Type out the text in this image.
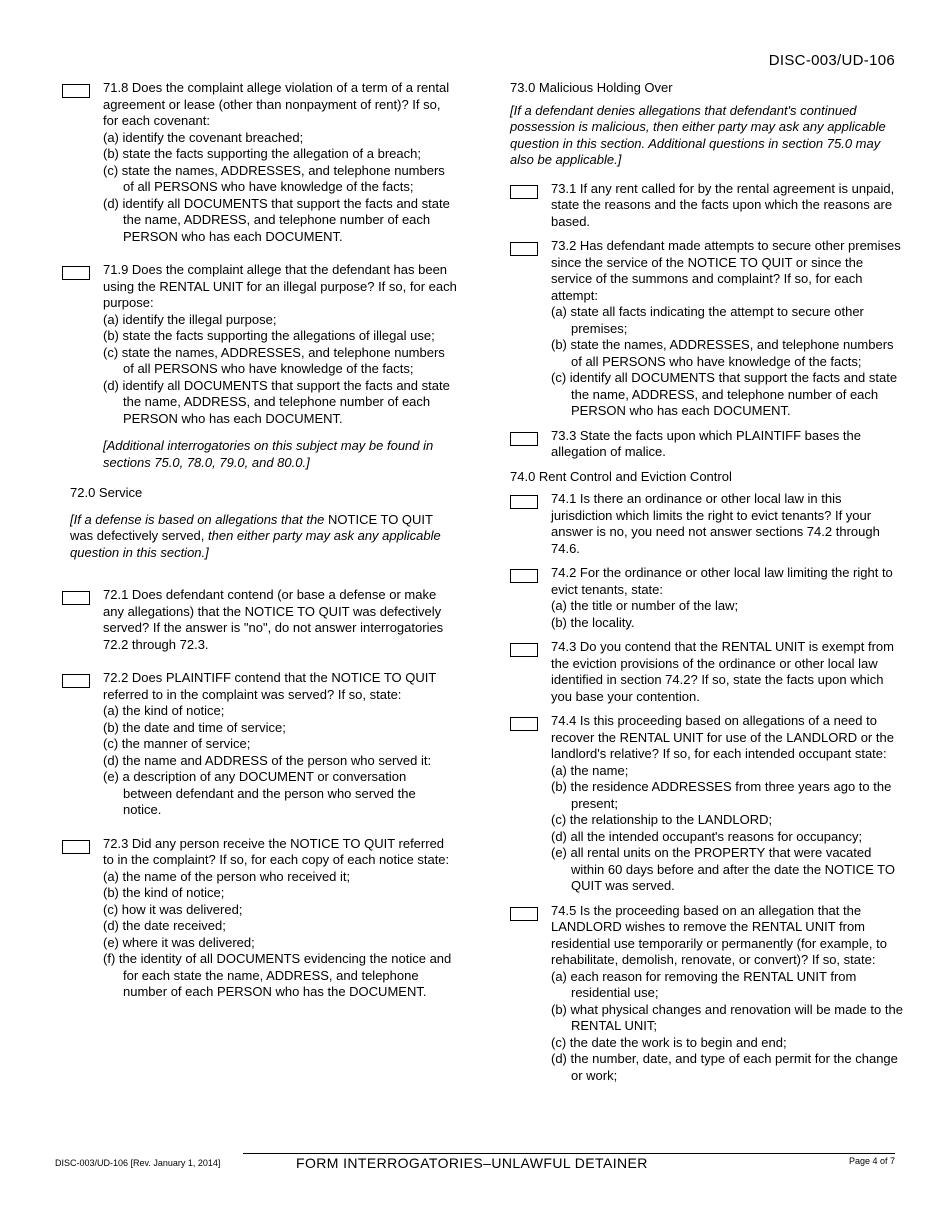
DISC-003/UD-106
71.8 Does the complaint allege violation of a term of a rental agreement or lease (other than nonpayment of rent)? If so, for each covenant:
(a) identify the covenant breached;
(b) state the facts supporting the allegation of a breach;
(c) state the names, ADDRESSES, and telephone numbers of all PERSONS who have knowledge of the facts;
(d) identify all DOCUMENTS that support the facts and state the name, ADDRESS, and telephone number of each PERSON who has each DOCUMENT.
71.9 Does the complaint allege that the defendant has been using the RENTAL UNIT for an illegal purpose? If so, for each purpose:
(a) identify the illegal purpose;
(b) state the facts supporting the allegations of illegal use;
(c) state the names, ADDRESSES, and telephone numbers of all PERSONS who have knowledge of the facts;
(d) identify all DOCUMENTS that support the facts and state the name, ADDRESS, and telephone number of each PERSON who has each DOCUMENT.
[Additional interrogatories on this subject may be found in sections 75.0, 78.0, 79.0, and 80.0.]
72.0 Service
[If a defense is based on allegations that the NOTICE TO QUIT was defectively served, then either party may ask any applicable question in this section.]
72.1 Does defendant contend (or base a defense or make any allegations) that the NOTICE TO QUIT was defectively served? If the answer is "no", do not answer interrogatories 72.2 through 72.3.
72.2 Does PLAINTIFF contend that the NOTICE TO QUIT referred to in the complaint was served? If so, state:
(a) the kind of notice;
(b) the date and time of service;
(c) the manner of service;
(d) the name and ADDRESS of the person who served it:
(e) a description of any DOCUMENT or conversation between defendant and the person who served the notice.
72.3 Did any person receive the NOTICE TO QUIT referred to in the complaint? If so, for each copy of each notice state:
(a) the name of the person who received it;
(b) the kind of notice;
(c) how it was delivered;
(d) the date received;
(e) where it was delivered;
(f) the identity of all DOCUMENTS evidencing the notice and for each state the name, ADDRESS, and telephone number of each PERSON who has the DOCUMENT.
73.0 Malicious Holding Over
[If a defendant denies allegations that defendant's continued possession is malicious, then either party may ask any applicable question in this section. Additional questions in section 75.0 may also be applicable.]
73.1 If any rent called for by the rental agreement is unpaid, state the reasons and the facts upon which the reasons are based.
73.2 Has defendant made attempts to secure other premises since the service of the NOTICE TO QUIT or since the service of the summons and complaint? If so, for each attempt:
(a) state all facts indicating the attempt to secure other premises;
(b) state the names, ADDRESSES, and telephone numbers of all PERSONS who have knowledge of the facts;
(c) identify all DOCUMENTS that support the facts and state the name, ADDRESS, and telephone number of each PERSON who has each DOCUMENT.
73.3 State the facts upon which PLAINTIFF bases the allegation of malice.
74.0 Rent Control and Eviction Control
74.1 Is there an ordinance or other local law in this jurisdiction which limits the right to evict tenants? If your answer is no, you need not answer sections 74.2 through 74.6.
74.2 For the ordinance or other local law limiting the right to evict tenants, state:
(a) the title or number of the law;
(b) the locality.
74.3 Do you contend that the RENTAL UNIT is exempt from the eviction provisions of the ordinance or other local law identified in section 74.2? If so, state the facts upon which you base your contention.
74.4 Is this proceeding based on allegations of a need to recover the RENTAL UNIT for use of the LANDLORD or the landlord's relative? If so, for each intended occupant state:
(a) the name;
(b) the residence ADDRESSES from three years ago to the present;
(c) the relationship to the LANDLORD;
(d) all the intended occupant's reasons for occupancy;
(e) all rental units on the PROPERTY that were vacated within 60 days before and after the date the NOTICE TO QUIT was served.
74.5 Is the proceeding based on an allegation that the LANDLORD wishes to remove the RENTAL UNIT from residential use temporarily or permanently (for example, to rehabilitate, demolish, renovate, or convert)? If so, state:
(a) each reason for removing the RENTAL UNIT from residential use;
(b) what physical changes and renovation will be made to the RENTAL UNIT;
(c) the date the work is to begin and end;
(d) the number, date, and type of each permit for the change or work;
DISC-003/UD-106 [Rev. January 1, 2014]	FORM INTERROGATORIES–UNLAWFUL DETAINER	Page 4 of 7
